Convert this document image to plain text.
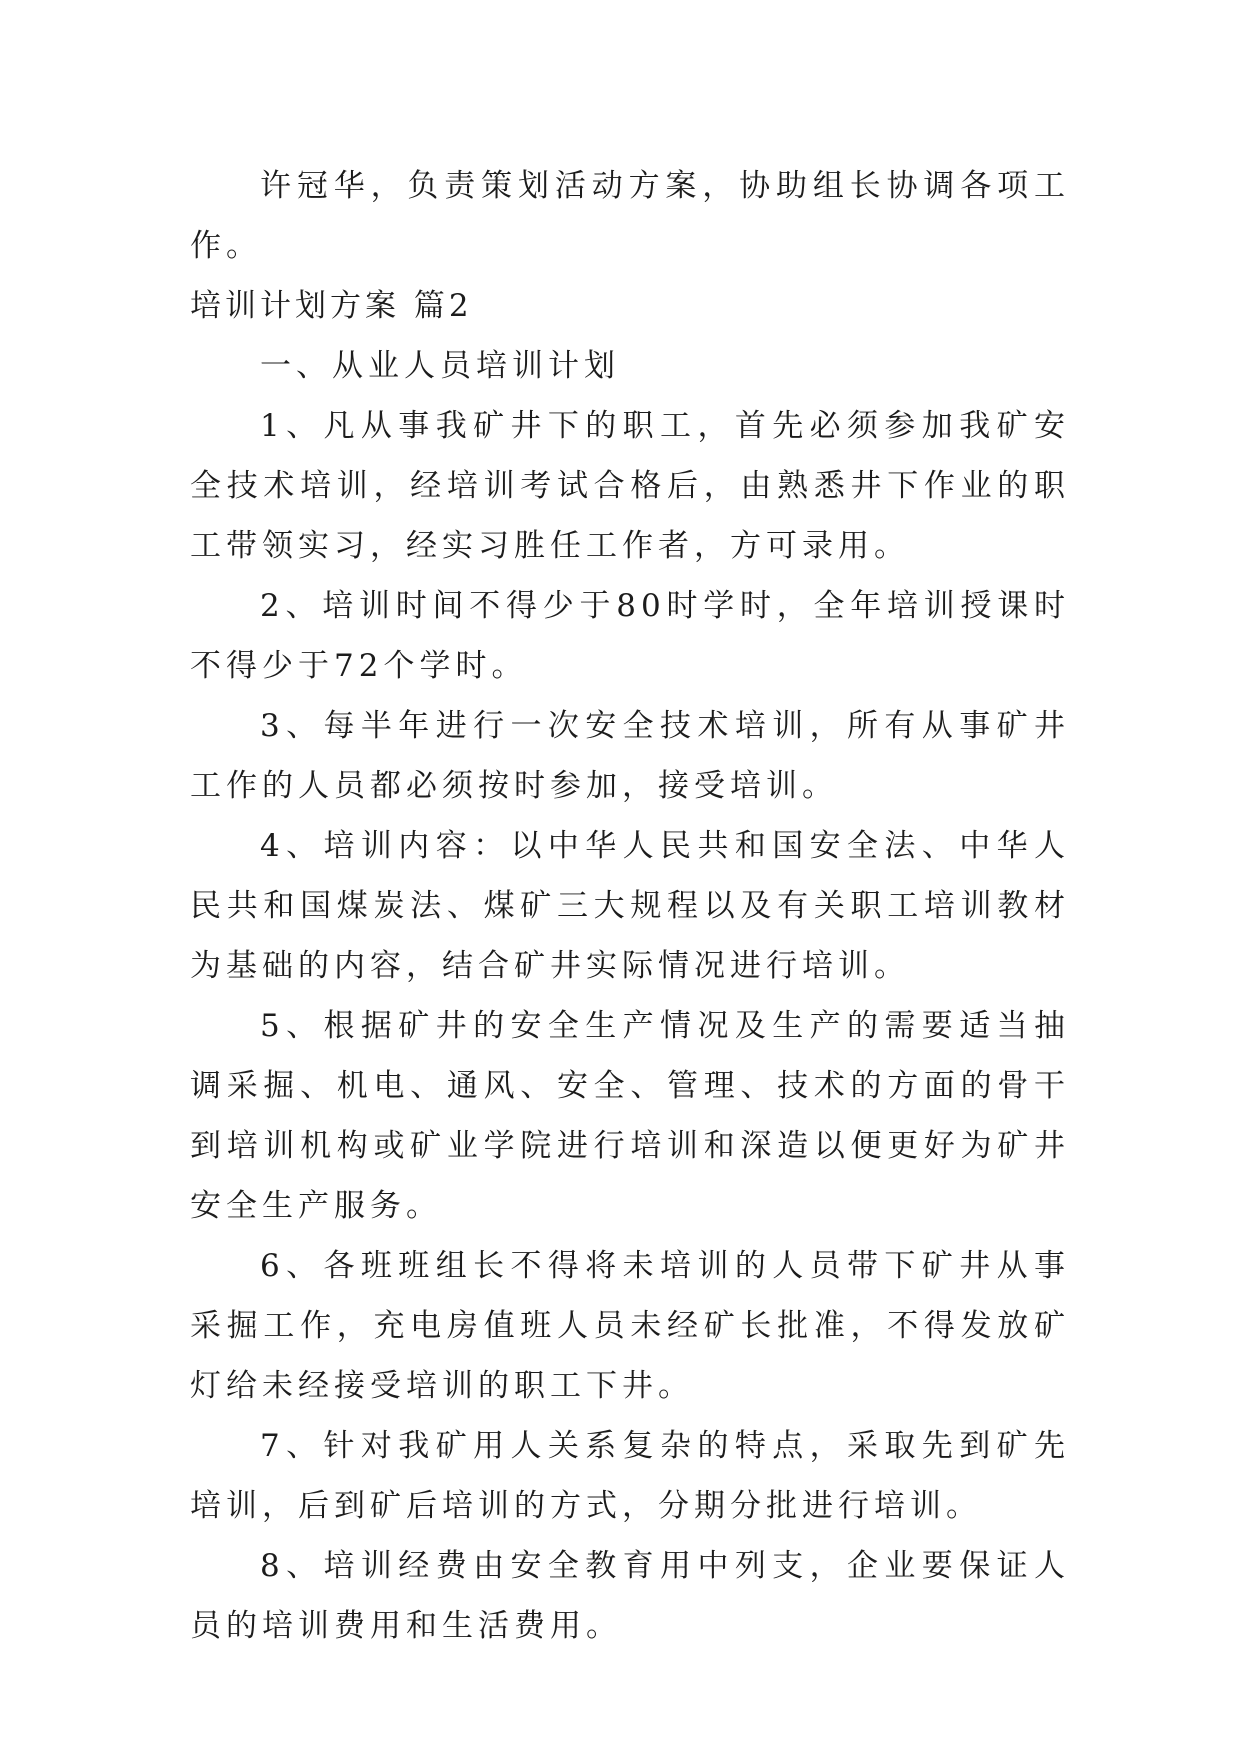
许冠华，负责策划活动方案，协助组长协调各项工作。

培训计划方案 篇2

一、从业人员培训计划

1、凡从事我矿井下的职工，首先必须参加我矿安全技术培训，经培训考试合格后，由熟悉井下作业的职工带领实习，经实习胜任工作者，方可录用。

2、培训时间不得少于80时学时，全年培训授课时不得少于72个学时。

3、每半年进行一次安全技术培训，所有从事矿井工作的人员都必须按时参加，接受培训。

4、培训内容：以中华人民共和国安全法、中华人民共和国煤炭法、煤矿三大规程以及有关职工培训教材为基础的内容，结合矿井实际情况进行培训。

5、根据矿井的安全生产情况及生产的需要适当抽调采掘、机电、通风、安全、管理、技术的方面的骨干到培训机构或矿业学院进行培训和深造以便更好为矿井安全生产服务。

6、各班班组长不得将未培训的人员带下矿井从事采掘工作，充电房值班人员未经矿长批准，不得发放矿灯给未经接受培训的职工下井。

7、针对我矿用人关系复杂的特点，采取先到矿先培训，后到矿后培训的方式，分期分批进行培训。

8、培训经费由安全教育用中列支，企业要保证人员的培训费用和生活费用。
